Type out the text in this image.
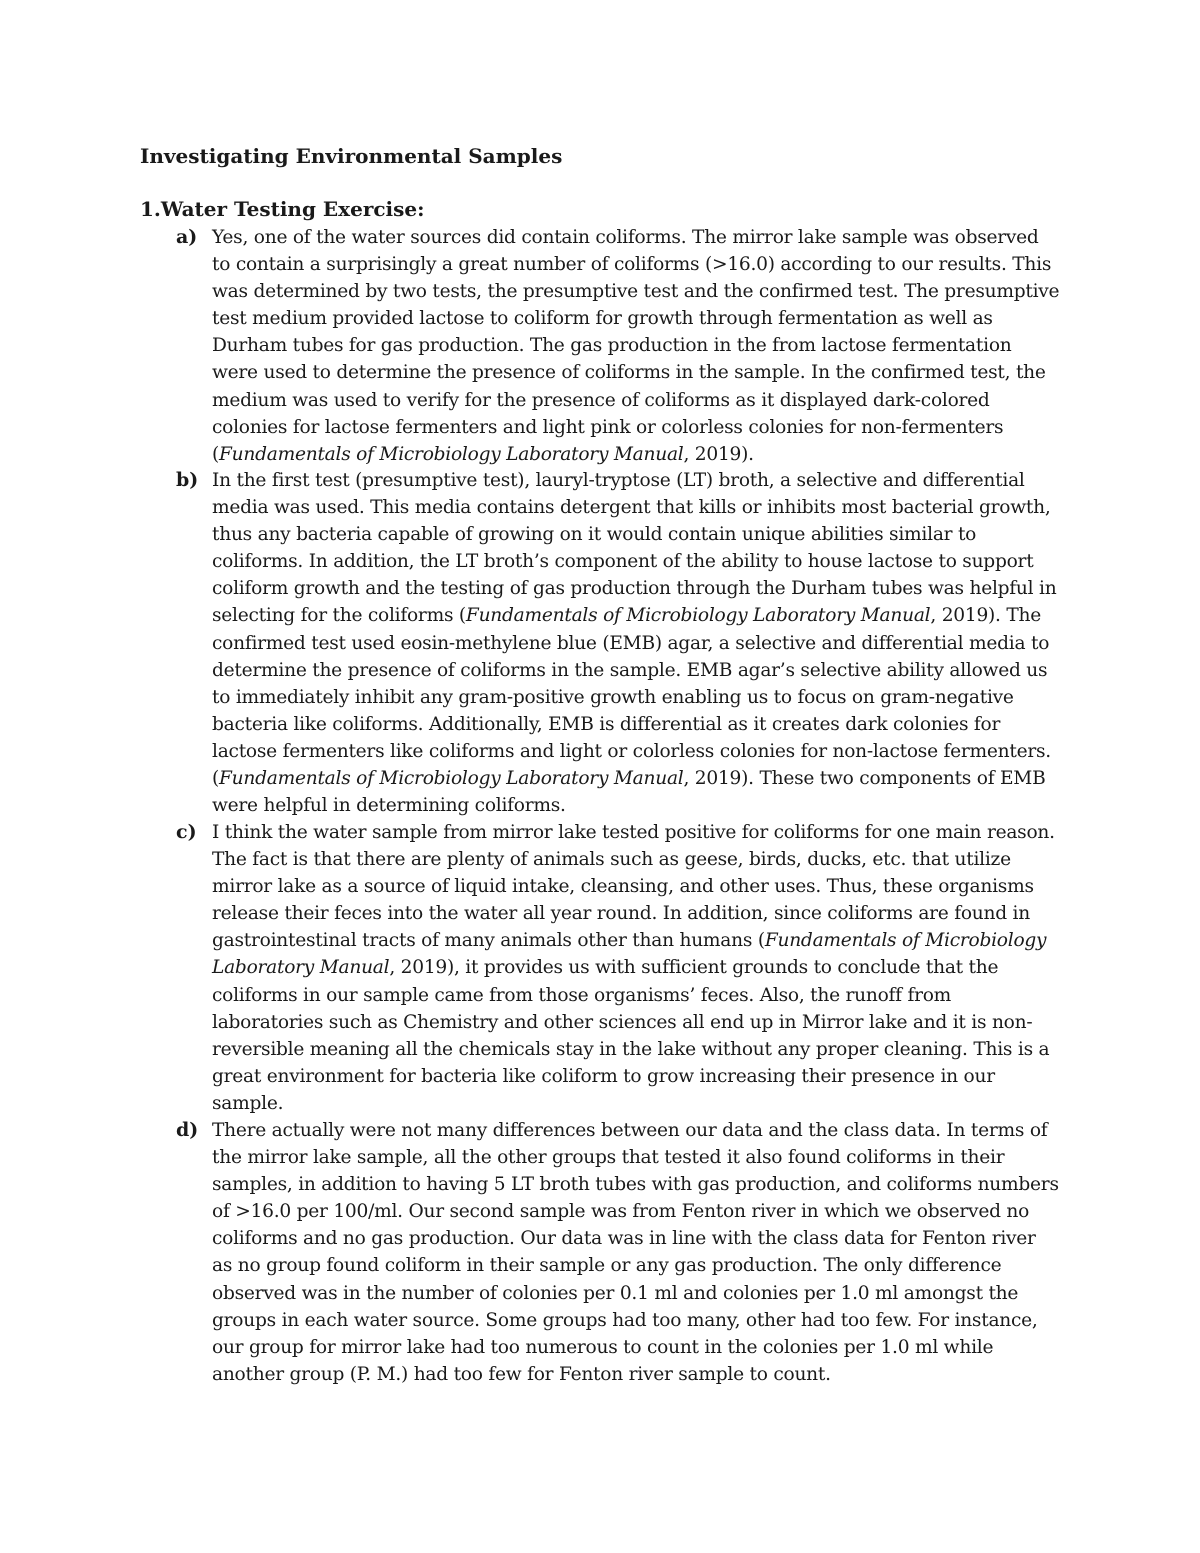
Investigating Environmental Samples
1.Water Testing Exercise:
a) Yes, one of the water sources did contain coliforms. The mirror lake sample was observed to contain a surprisingly a great number of coliforms (>16.0) according to our results. This was determined by two tests, the presumptive test and the confirmed test. The presumptive test medium provided lactose to coliform for growth through fermentation as well as Durham tubes for gas production. The gas production in the from lactose fermentation were used to determine the presence of coliforms in the sample. In the confirmed test, the medium was used to verify for the presence of coliforms as it displayed dark-colored colonies for lactose fermenters and light pink or colorless colonies for non-fermenters (Fundamentals of Microbiology Laboratory Manual, 2019).

b) In the first test (presumptive test), lauryl-tryptose (LT) broth, a selective and differential media was used. This media contains detergent that kills or inhibits most bacterial growth, thus any bacteria capable of growing on it would contain unique abilities similar to coliforms. In addition, the LT broth’s component of the ability to house lactose to support coliform growth and the testing of gas production through the Durham tubes was helpful in selecting for the coliforms (Fundamentals of Microbiology Laboratory Manual, 2019). The confirmed test used eosin-methylene blue (EMB) agar, a selective and differential media to determine the presence of coliforms in the sample. EMB agar’s selective ability allowed us to immediately inhibit any gram-positive growth enabling us to focus on gram-negative bacteria like coliforms. Additionally, EMB is differential as it creates dark colonies for lactose fermenters like coliforms and light or colorless colonies for non-lactose fermenters. (Fundamentals of Microbiology Laboratory Manual, 2019). These two components of EMB were helpful in determining coliforms.

c) I think the water sample from mirror lake tested positive for coliforms for one main reason. The fact is that there are plenty of animals such as geese, birds, ducks, etc. that utilize mirror lake as a source of liquid intake, cleansing, and other uses. Thus, these organisms release their feces into the water all year round. In addition, since coliforms are found in gastrointestinal tracts of many animals other than humans (Fundamentals of Microbiology Laboratory Manual, 2019), it provides us with sufficient grounds to conclude that the coliforms in our sample came from those organisms’ feces. Also, the runoff from laboratories such as Chemistry and other sciences all end up in Mirror lake and it is non-reversible meaning all the chemicals stay in the lake without any proper cleaning. This is a great environment for bacteria like coliform to grow increasing their presence in our sample.

d) There actually were not many differences between our data and the class data. In terms of the mirror lake sample, all the other groups that tested it also found coliforms in their samples, in addition to having 5 LT broth tubes with gas production, and coliforms numbers of >16.0 per 100/ml. Our second sample was from Fenton river in which we observed no coliforms and no gas production. Our data was in line with the class data for Fenton river as no group found coliform in their sample or any gas production. The only difference observed was in the number of colonies per 0.1 ml and colonies per 1.0 ml amongst the groups in each water source. Some groups had too many, other had too few. For instance, our group for mirror lake had too numerous to count in the colonies per 1.0 ml while another group (P. M.) had too few for Fenton river sample to count.
